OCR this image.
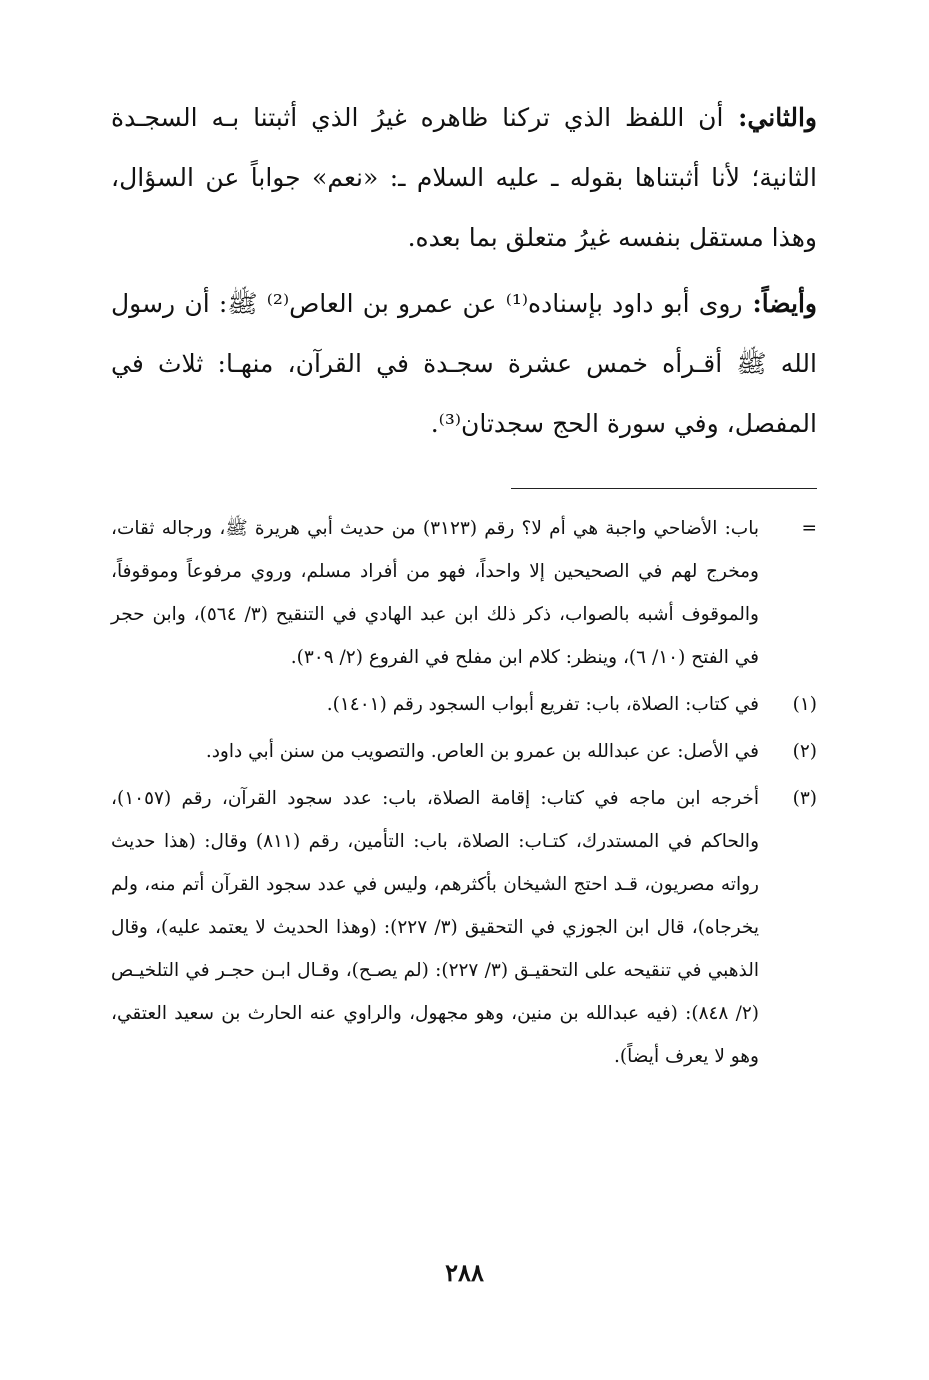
والثاني: أن اللفظ الذي تركنا ظاهره غيرُ الذي أثبتنا بـه السجـدة الثانية؛ لأنا أثبتناها بقوله ـ عليه السلام ـ: «نعم» جواباً عن السؤال، وهذا مستقل بنفسه غيرُ متعلق بما بعده.

وأيضاً: روى أبو داود بإسناده⁽¹⁾ عن عمرو بن العاص⁽²⁾ ﷺ: أن رسول الله ﷺ أقـرأه خمس عشرة سجـدة في القرآن، منهـا: ثلاث في المفصل، وفي سورة الحج سجدتان⁽³⁾.

=

باب: الأضاحي واجبة هي أم لا؟ رقم (٣١٢٣) من حديث أبي هريرة ﷺ، ورجاله ثقات، ومخرج لهم في الصحيحين إلا واحداً، فهو من أفراد مسلم، وروي مرفوعاً وموقوفاً، والموقوف أشبه بالصواب، ذكر ذلك ابن عبد الهادي في التنقيح (٣/ ٥٦٤)، وابن حجر في الفتح (١٠/ ٦)، وينظر: كلام ابن مفلح في الفروع (٢/ ٣٠٩).

(١)

في كتاب: الصلاة، باب: تفريع أبواب السجود رقم (١٤٠١).

(٢)

في الأصل: عن عبدالله بن عمرو بن العاص. والتصويب من سنن أبي داود.

(٣)

أخرجه ابن ماجه في كتاب: إقامة الصلاة، باب: عدد سجود القرآن، رقم (١٠٥٧)، والحاكم في المستدرك، كتـاب: الصلاة، باب: التأمين، رقم (٨١١) وقال: (هذا حديث رواته مصريون، قـد احتج الشيخان بأكثرهم، وليس في عدد سجود القرآن أتم منه، ولم يخرجاه)، قال ابن الجوزي في التحقيق (٣/ ٢٢٧): (وهذا الحديث لا يعتمد عليه)، وقال الذهبي في تنقيحه على التحقيـق (٣/ ٢٢٧): (لم يصـح)، وقـال ابـن حجـر في التلخيـص (٢/ ٨٤٨): (فيه عبدالله بن منين، وهو مجهول، والراوي عنه الحارث بن سعيد العتقي، وهو لا يعرف أيضاً).

٢٨٨
